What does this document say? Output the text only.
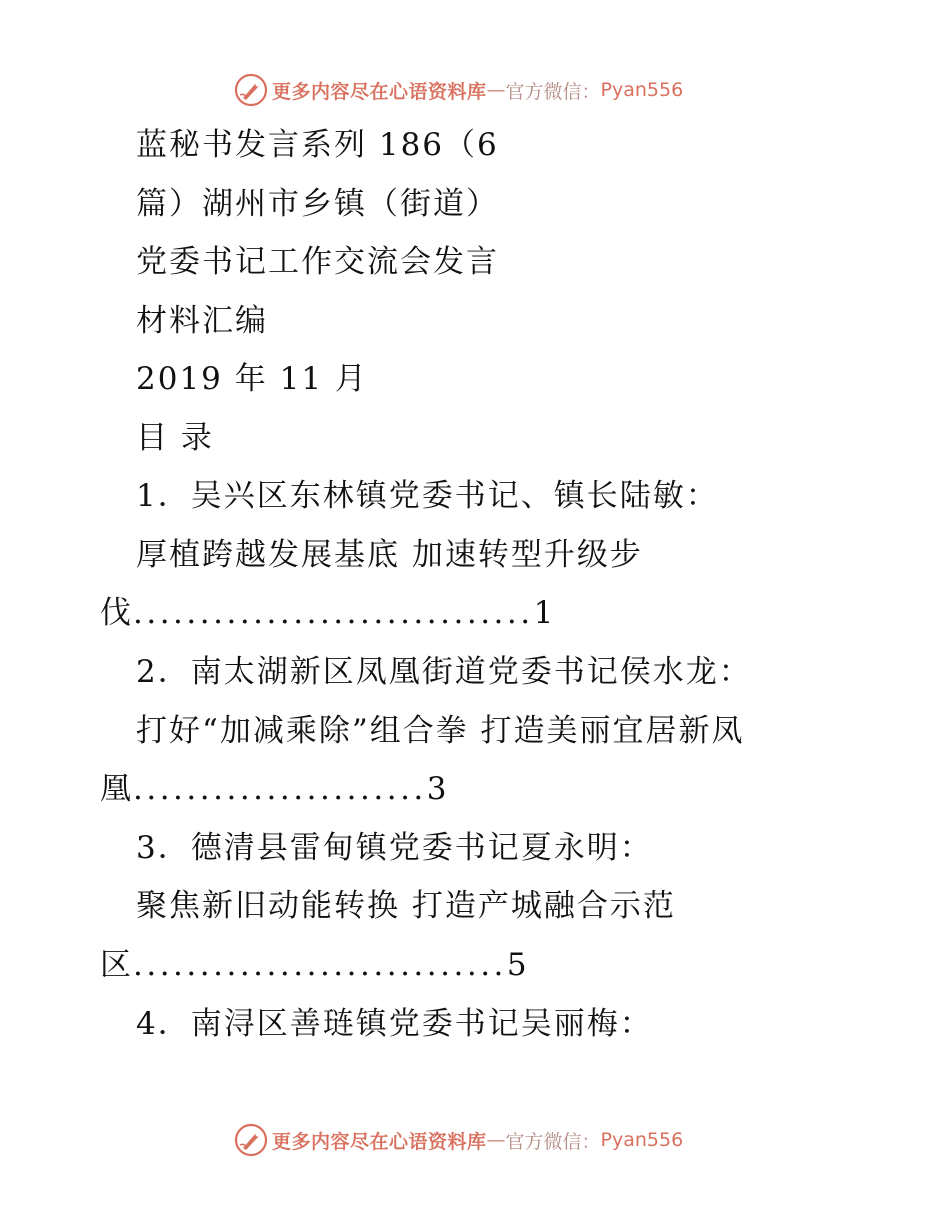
更多内容尽在心语资料库 — 官方微信： Pyan556
蓝秘书发言系列 186（6
篇）湖州市乡镇（街道）
党委书记工作交流会发言
材料汇编
2019 年 11 月
目 录
1．吴兴区东林镇党委书记、镇长陆敏：
厚植跨越发展基底 加速转型升级步
伐..............................1
2．南太湖新区凤凰街道党委书记侯水龙：
打好“加减乘除”组合拳 打造美丽宜居新凤
凰......................3
3．德清县雷甸镇党委书记夏永明：
聚焦新旧动能转换 打造产城融合示范
区............................5
4．南浔区善琏镇党委书记吴丽梅：
更多内容尽在心语资料库 — 官方微信： Pyan556
